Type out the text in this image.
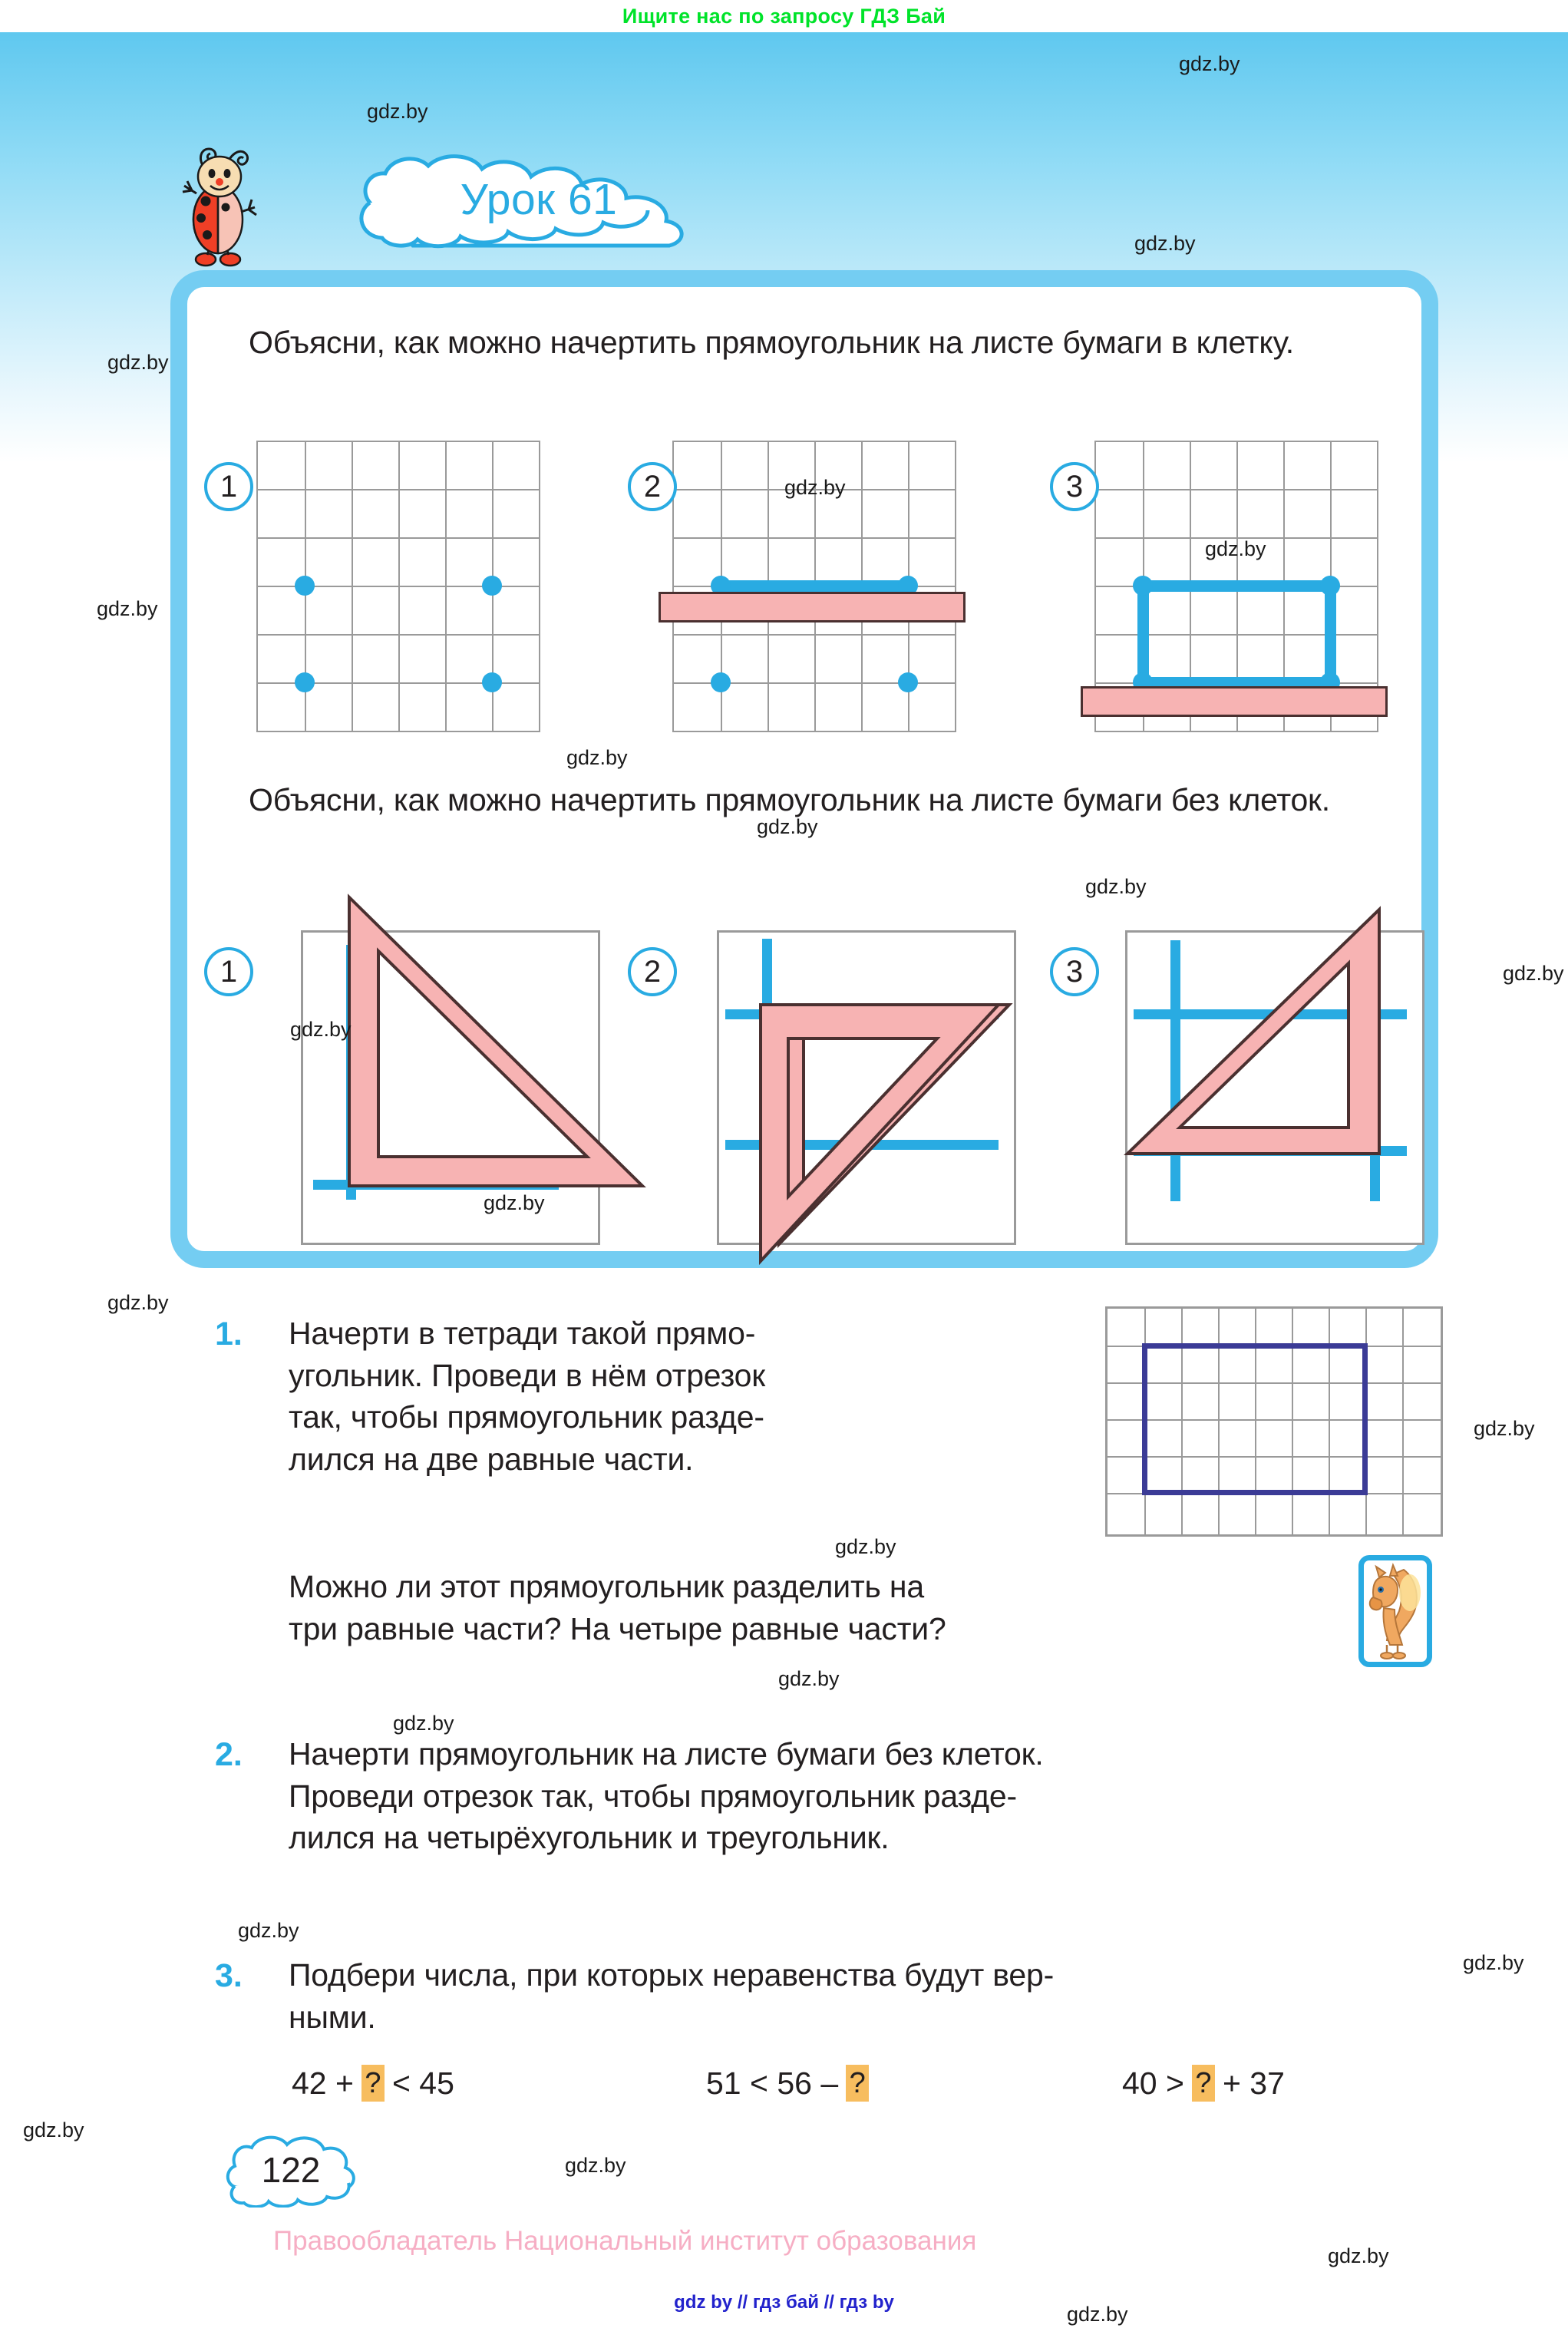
Ищите нас по запросу ГДЗ Бай
Урок 61
Объясни, как можно начертить прямоугольник на листе бумаги в клетку.
1	2	3
Объясни, как можно начертить прямоугольник на листе бумаги без клеток.
1	2	3
1. Начерти в тетради такой прямо-
угольник. Проведи в нём отрезок
так, чтобы прямоугольник разде-
лился на две равные части.
Можно ли этот прямоугольник разделить на
три равные части? На четыре равные части?
2. Начерти прямоугольник на листе бумаги без клеток.
Проведи отрезок так, чтобы прямоугольник разде-
лился на четырёхугольник и треугольник.
3. Подбери числа, при которых неравенства будут вер-
ными.
42 + ? < 45	51 < 56 – ?	40 > ? + 37
122
Правообладатель Национальный институт образования
gdz by // гдз бай // гдз by
gdz.by
gdz.by
gdz.by
gdz.by
gdz.by
gdz.by
gdz.by
gdz.by
gdz.by
gdz.by
gdz.by
gdz.by
gdz.by
gdz.by
gdz.by
gdz.by
gdz.by
gdz.by
gdz.by
gdz.by
gdz.by
gdz.by
gdz.by
gdz.by
